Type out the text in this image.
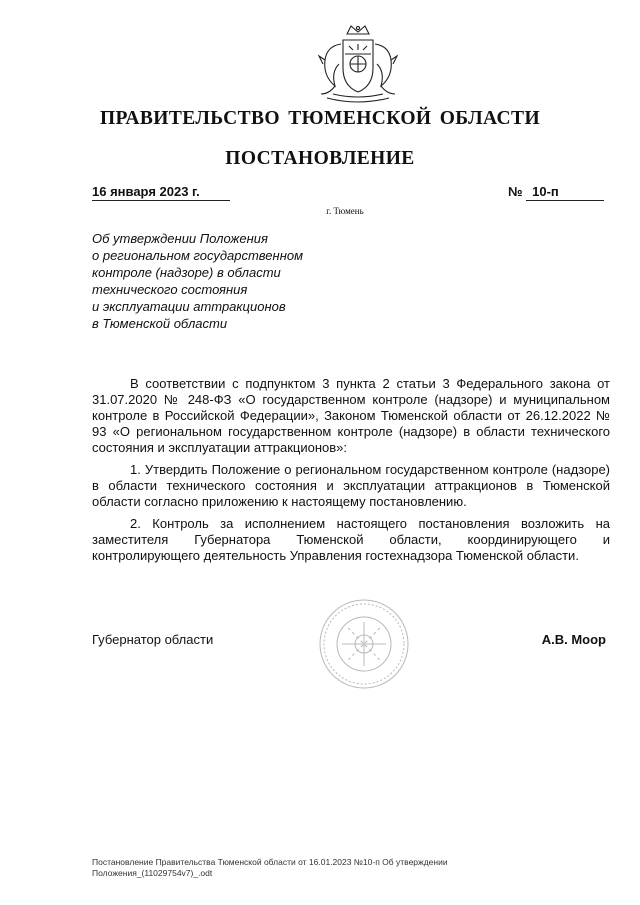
ПРАВИТЕЛЬСТВО ТЮМЕНСКОЙ ОБЛАСТИ
ПОСТАНОВЛЕНИЕ
16 января 2023 г.	№ 10-п
г. Тюмень
Об утверждении Положения
о региональном государственном
контроле (надзоре) в области
технического состояния
и эксплуатации аттракционов
в Тюменской области

В соответствии с подпунктом 3 пункта 2 статьи 3 Федерального закона от 31.07.2020 № 248-ФЗ «О государственном контроле (надзоре) и муниципальном контроле в Российской Федерации», Законом Тюменской области от 26.12.2022 № 93 «О региональном государственном контроле (надзоре) в области технического состояния и эксплуатации аттракционов»:

1. Утвердить Положение о региональном государственном контроле (надзоре) в области технического состояния и эксплуатации аттракционов в Тюменской области согласно приложению к настоящему постановлению.

2. Контроль за исполнением настоящего постановления возложить на заместителя Губернатора Тюменской области, координирующего и контролирующего деятельность Управления гостехнадзора Тюменской области.

Губернатор области	А.В. Моор
Постановление Правительства Тюменской области от 16.01.2023 №10-п Об утверждении
Положения_(11029754v7)_.odt
